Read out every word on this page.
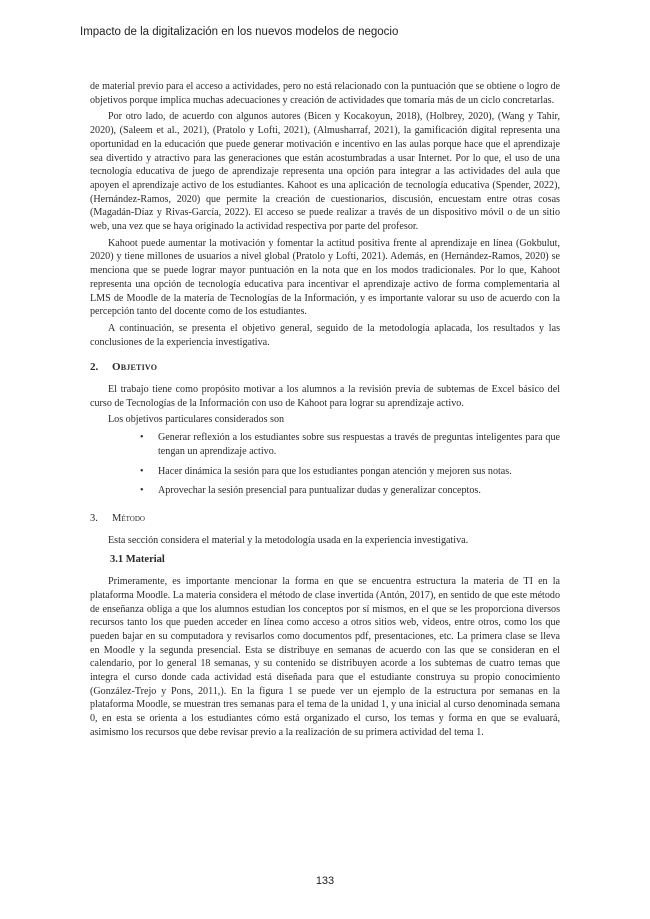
Impacto de la digitalización en los nuevos modelos de negocio

de material previo para el acceso a actividades, pero no está relacionado con la puntuación que se obtiene o logro de objetivos porque implica muchas adecuaciones y creación de actividades que tomaría más de un ciclo concretarlas.

Por otro lado, de acuerdo con algunos autores (Bicen y Kocakoyun, 2018), (Holbrey, 2020), (Wang y Tahir, 2020), (Saleem et al., 2021), (Pratolo y Lofti, 2021), (Almusharraf, 2021), la gamificación digital representa una oportunidad en la educación que puede generar motivación e incentivo en las aulas porque hace que el aprendizaje sea divertido y atractivo para las generaciones que están acostumbradas a usar Internet. Por lo que, el uso de una tecnología educativa de juego de aprendizaje representa una opción para integrar a las actividades del aula que apoyen el aprendizaje activo de los estudiantes. Kahoot es una aplicación de tecnología educativa (Spender, 2022), (Hernández-Ramos, 2020) que permite la creación de cuestionarios, discusión, encuestam entre otras cosas (Magadán-Díaz y Rivas-García, 2022). El acceso se puede realizar a través de un dispositivo móvil o de un sitio web, una vez que se haya originado la actividad respectiva por parte del profesor.

Kahoot puede aumentar la motivación y fomentar la actitud positiva frente al aprendizaje en línea (Gokbulut, 2020) y tiene millones de usuarios a nivel global (Pratolo y Lofti, 2021). Además, en (Hernández-Ramos, 2020) se menciona que se puede lograr mayor puntuación en la nota que en los modos tradicionales. Por lo que, Kahoot representa una opción de tecnología educativa para incentivar el aprendizaje activo de forma complementaria al LMS de Moodle de la materia de Tecnologías de la Información, y es importante valorar su uso de acuerdo con la percepción tanto del docente como de los estudiantes.

A continuación, se presenta el objetivo general, seguido de la metodología aplacada, los resultados y las conclusiones de la experiencia investigativa.

2. Objetivo

El trabajo tiene como propósito motivar a los alumnos a la revisión previa de subtemas de Excel básico del curso de Tecnologías de la Información con uso de Kahoot para lograr su aprendizaje activo.

Los objetivos particulares considerados son

• Generar reflexión a los estudiantes sobre sus respuestas a través de preguntas inteligentes para que tengan un aprendizaje activo.
• Hacer dinámica la sesión para que los estudiantes pongan atención y mejoren sus notas.
• Aprovechar la sesión presencial para puntualizar dudas y generalizar conceptos.
3. Método

Esta sección considera el material y la metodología usada en la experiencia investigativa.

3.1 Material

Primeramente, es importante mencionar la forma en que se encuentra estructura la materia de TI en la plataforma Moodle. La materia considera el método de clase invertida (Antón, 2017), en sentido de que este método de enseñanza obliga a que los alumnos estudian los conceptos por sí mismos, en el que se les proporciona diversos recursos tanto los que pueden acceder en línea como acceso a otros sitios web, videos, entre otros, como los que pueden bajar en su computadora y revisarlos como documentos pdf, presentaciones, etc. La primera clase se lleva en Moodle y la segunda presencial. Esta se distribuye en semanas de acuerdo con las que se consideran en el calendario, por lo general 18 semanas, y su contenido se distribuyen acorde a los subtemas de cuatro temas que integra el curso donde cada actividad está diseñada para que el estudiante construya su propio conocimiento (González-Trejo y Pons, 2011,). En la figura 1 se puede ver un ejemplo de la estructura por semanas en la plataforma Moodle, se muestran tres semanas para el tema de la unidad 1, y una inicial al curso denominada semana 0, en esta se orienta a los estudiantes cómo está organizado el curso, los temas y forma en que se evaluará, asimismo los recursos que debe revisar previo a la realización de su primera actividad del tema 1.

133
